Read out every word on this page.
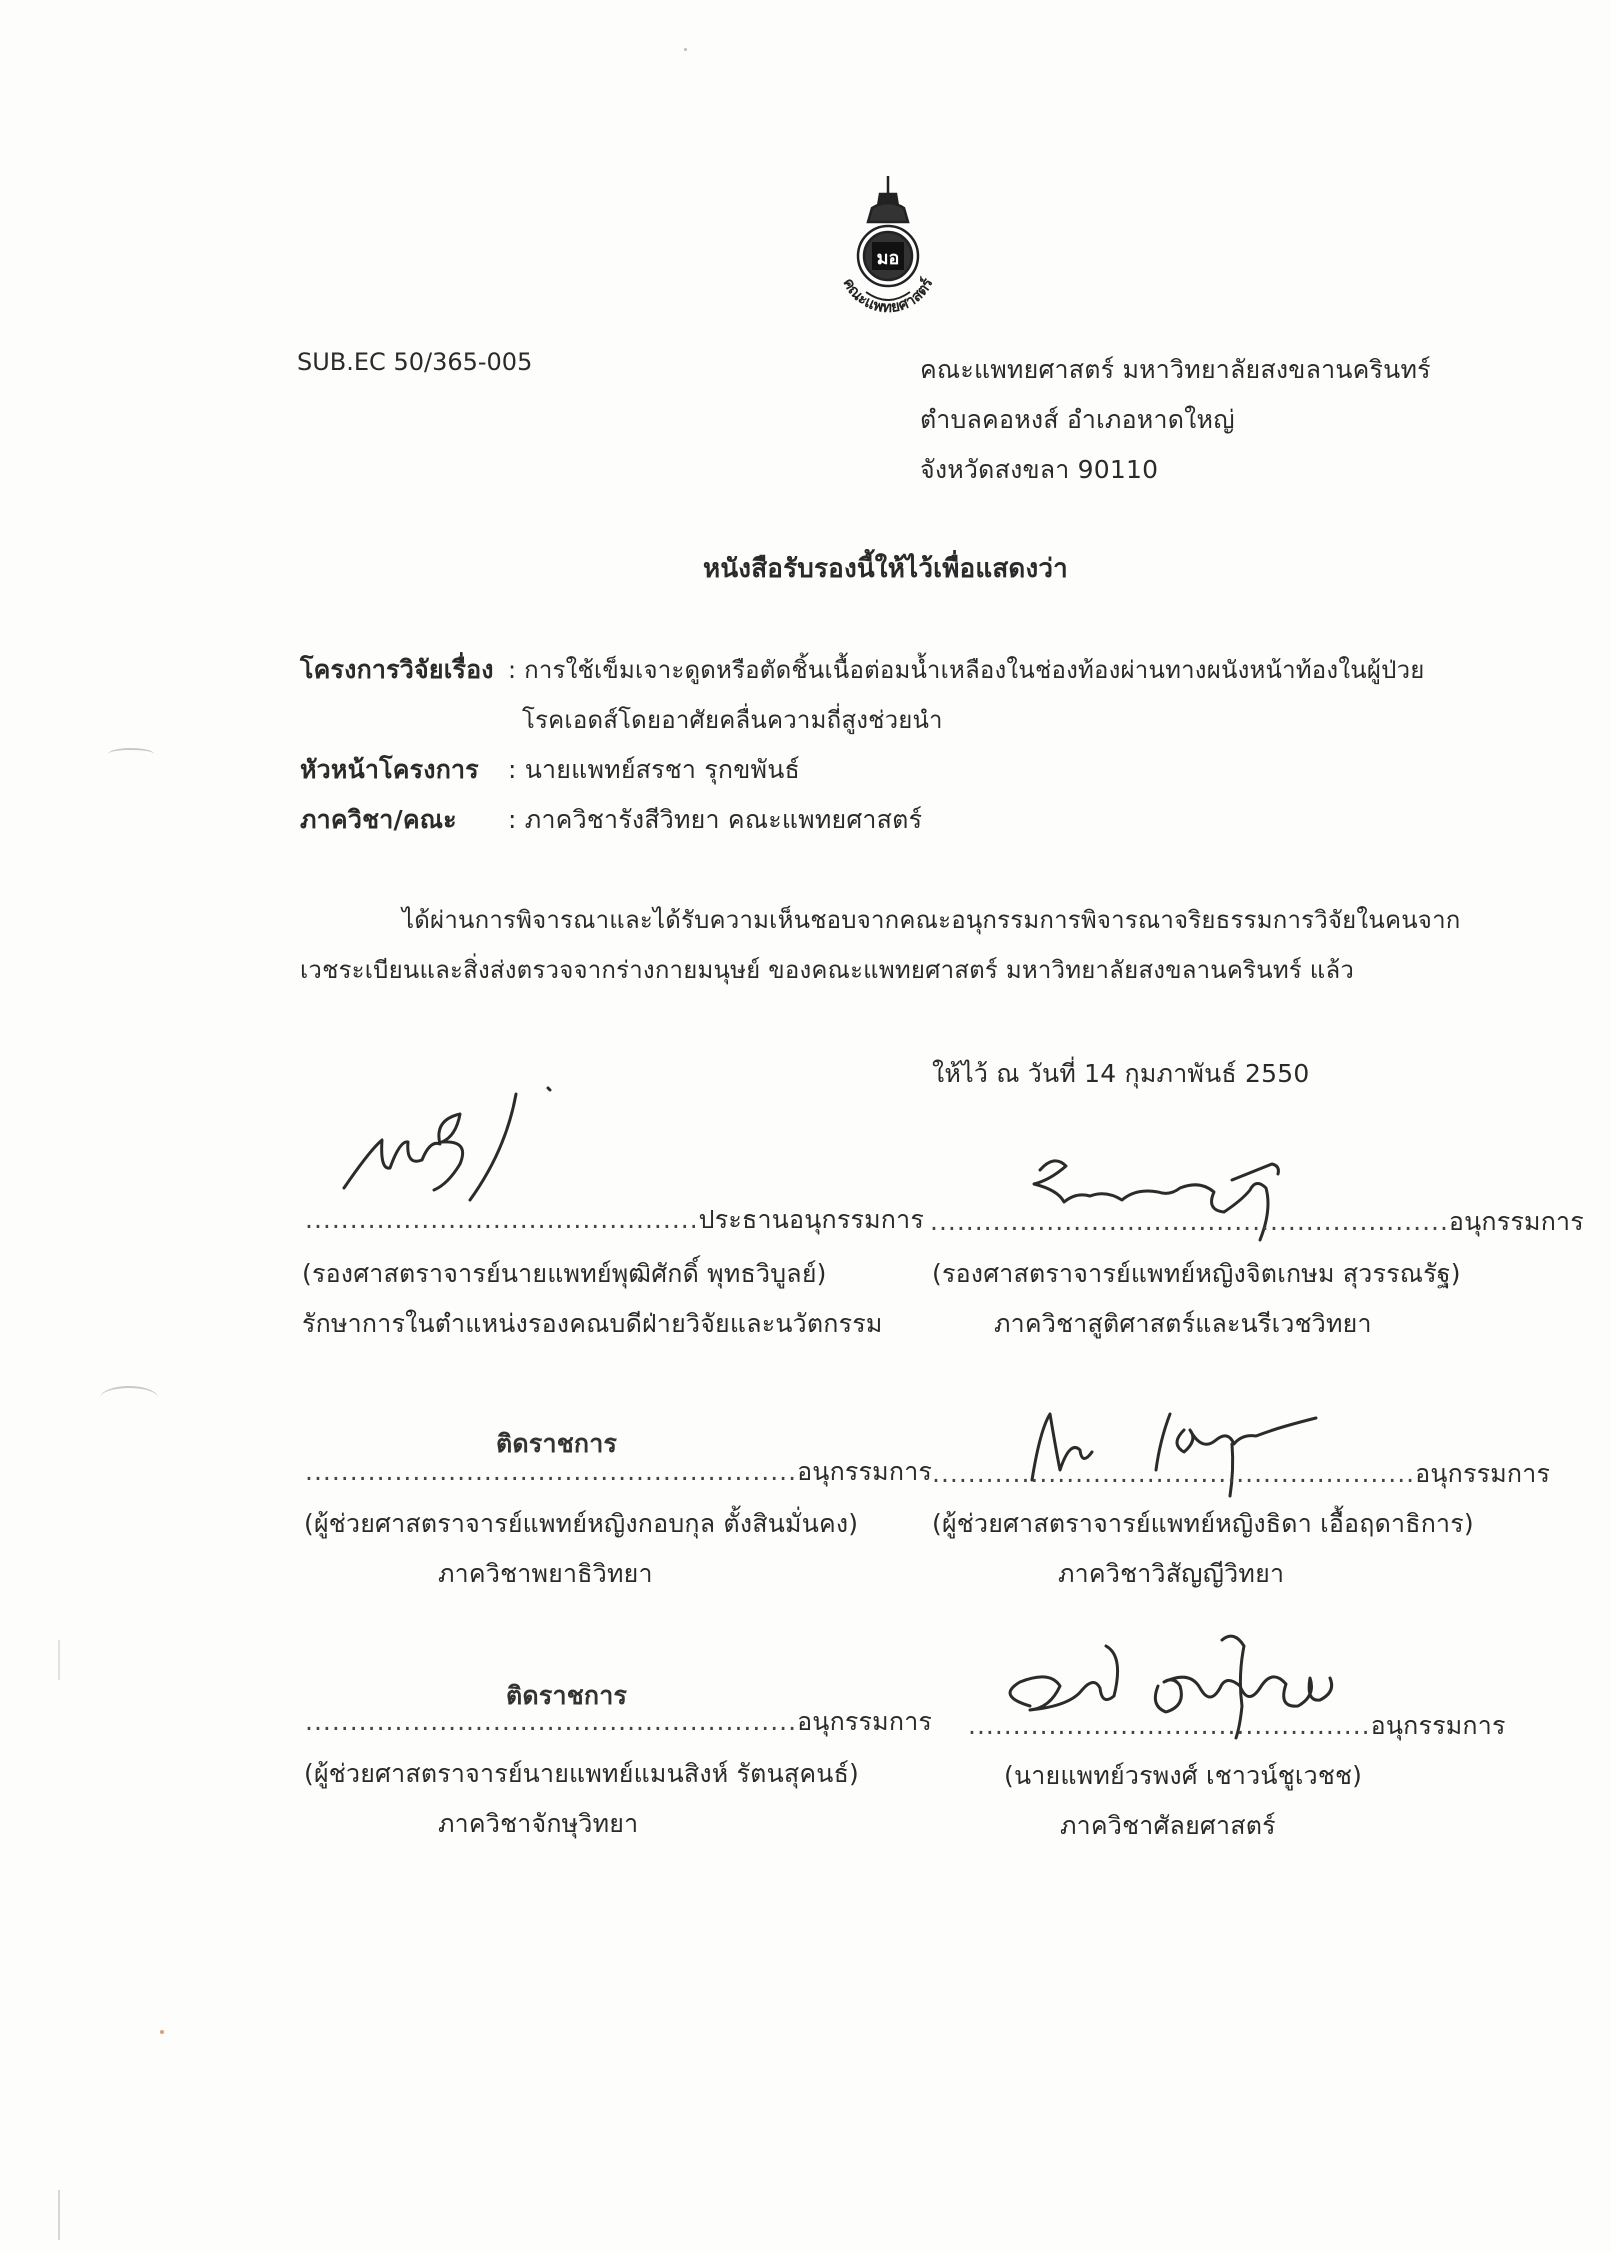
มอ
คณะแพทยศาสตร์
SUB.EC 50/365-005	คณะแพทยศาสตร์ มหาวิทยาลัยสงขลานครินทร์
ตำบลคอหงส์ อำเภอหาดใหญ่
จังหวัดสงขลา 90110
หนังสือรับรองนี้ให้ไว้เพื่อแสดงว่า
โครงการวิจัยเรื่อง : การใช้เข็มเจาะดูดหรือตัดชิ้นเนื้อต่อมน้ำเหลืองในช่องท้องผ่านทางผนังหน้าท้องในผู้ป่วย
โรคเอดส์โดยอาศัยคลื่นความถี่สูงช่วยนำ
หัวหน้าโครงการ : นายแพทย์สรชา รุกขพันธ์
ภาควิชา/คณะ : ภาควิชารังสีวิทยา คณะแพทยศาสตร์
ได้ผ่านการพิจารณาและได้รับความเห็นชอบจากคณะอนุกรรมการพิจารณาจริยธรรมการวิจัยในคนจาก
เวชระเบียนและสิ่งส่งตรวจจากร่างกายมนุษย์ ของคณะแพทยศาสตร์ มหาวิทยาลัยสงขลานครินทร์ แล้ว
ให้ไว้ ณ วันที่ 14 กุมภาพันธ์ 2550
............................................ประธานอนุกรรมการ
(รองศาสตราจารย์นายแพทย์พุฒิศักดิ์ พุทธวิบูลย์)
รักษาการในตำแหน่งรองคณบดีฝ่ายวิจัยและนวัตกรรม
..........................................................อนุกรรมการ
(รองศาสตราจารย์แพทย์หญิงจิตเกษม สุวรรณรัฐ)
ภาควิชาสูติศาสตร์และนรีเวชวิทยา
ติดราชการ
.......................................................อนุกรรมการ
(ผู้ช่วยศาสตราจารย์แพทย์หญิงกอบกุล ตั้งสินมั่นคง)
ภาควิชาพยาธิวิทยา
......................................................อนุกรรมการ
(ผู้ช่วยศาสตราจารย์แพทย์หญิงธิดา เอื้อฤดาธิการ)
ภาควิชาวิสัญญีวิทยา
ติดราชการ
.......................................................อนุกรรมการ
(ผู้ช่วยศาสตราจารย์นายแพทย์แมนสิงห์ รัตนสุคนธ์)
ภาควิชาจักษุวิทยา
.............................................อนุกรรมการ
(นายแพทย์วรพงศ์ เชาวน์ชูเวชช)
ภาควิชาศัลยศาสตร์
